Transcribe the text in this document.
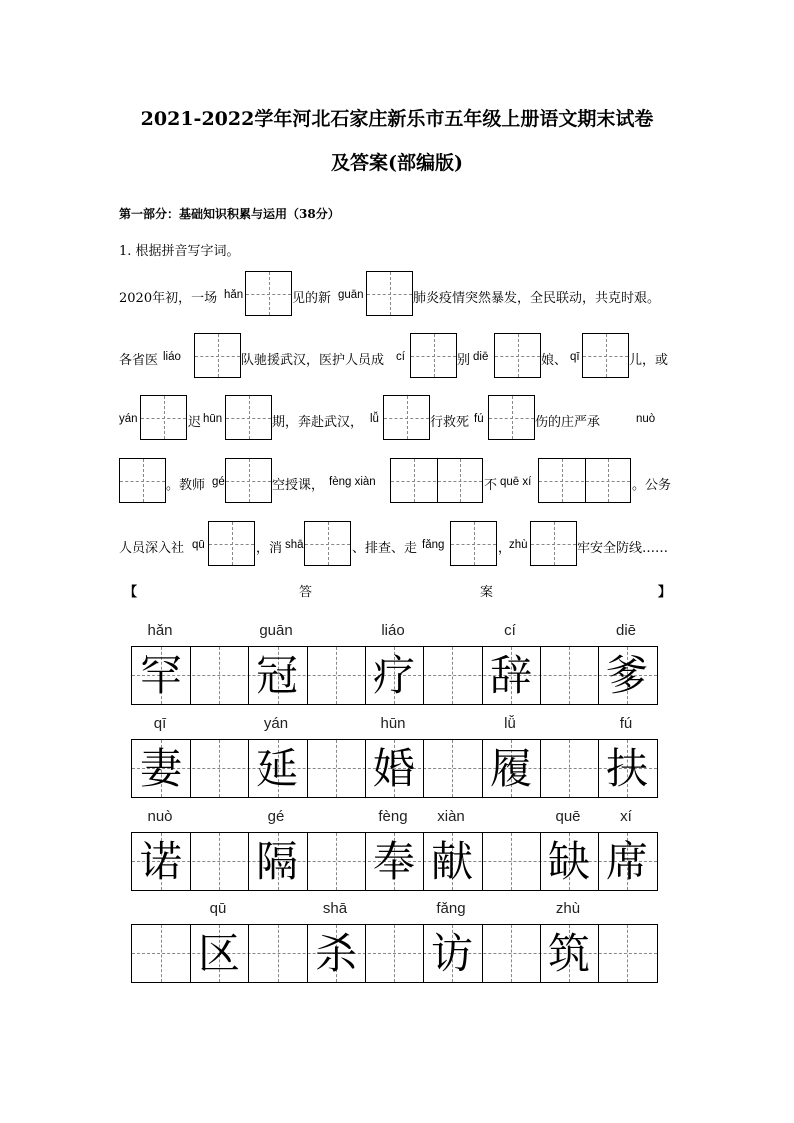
2021-2022学年河北石家庄新乐市五年级上册语文期末试卷
及答案(部编版)
第一部分：基础知识积累与运用（38分）
1. 根据拼音写字词。
2020年初，一场 hǎn	见的新 guān	肺炎疫情突然暴发，全民联动，共克时艰。
各省医 liáo	队驰援武汉，医护人员成 cí	别 diē	娘、 qī	儿，或
yán	迟 hūn	期，奔赴武汉， lǚ	行救死 fú	伤的庄严承	nuò
。教师 gé	空授课， fèng xiàn	不 quē xí	。公务
人员深入社 qū	，消 shā	、排查、走 fǎng	，
zhù	牢安全防线……
【	答	案	】
hǎn	guān	liáo	cí	diē
罕 冠 疗 辞 爹
qī	yán	hūn	lǚ	fú
妻 延 婚 履 扶
nuò	gé	fèng	xiàn	quē	xí
诺 隔 奉 献 缺 席
qū	shā	fǎng	zhù
区 杀 访 筑
